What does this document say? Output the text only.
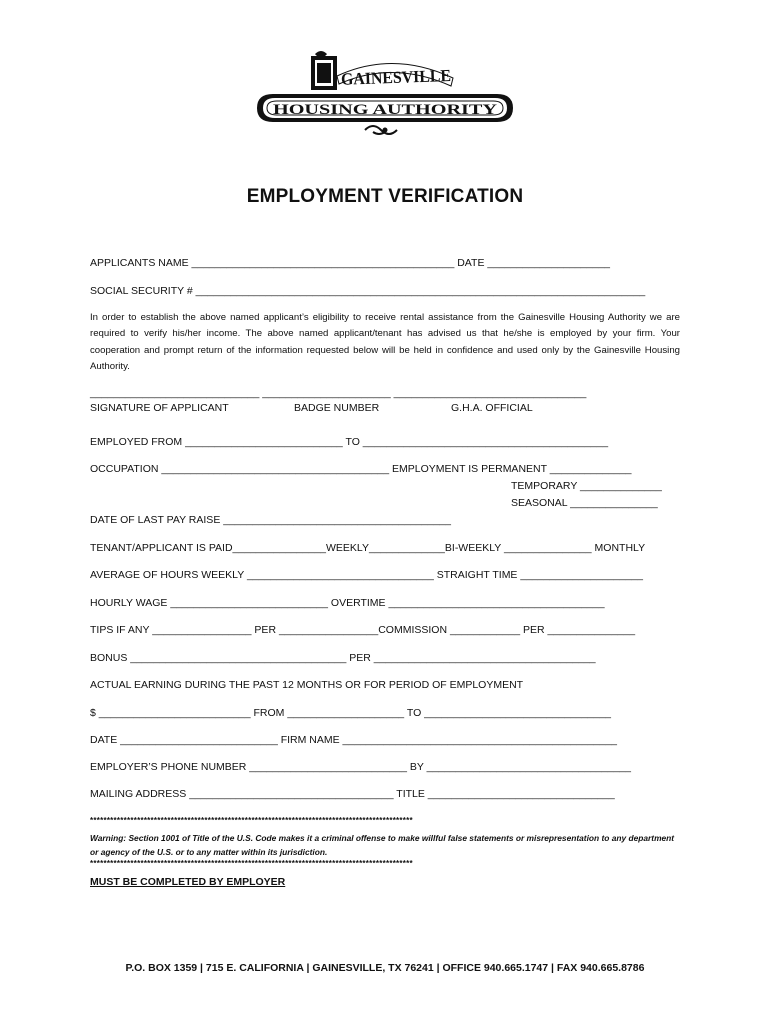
GAINESVILLE
HOUSING AUTHORITY
EMPLOYMENT VERIFICATION
APPLICANTS NAME _____________________________________________ DATE _____________________
SOCIAL SECURITY # _____________________________________________________________________________
In order to establish the above named applicant’s eligibility to receive rental assistance from the Gainesville Housing Authority we are required to verify his/her income. The above named applicant/tenant has advised us that he/she is employed by your firm. Your cooperation and prompt return of the information requested below will be held in confidence and used only by the Gainesville Housing Authority.
_____________________________ ______________________ _________________________________
SIGNATURE OF APPLICANT	BADGE NUMBER	G.H.A. OFFICIAL
EMPLOYED FROM ___________________________ TO __________________________________________
OCCUPATION _______________________________________ EMPLOYMENT IS PERMANENT ______________
TEMPORARY ______________
SEASONAL _______________
DATE OF LAST PAY RAISE _______________________________________
TENANT/APPLICANT IS PAID________________WEEKLY_____________BI-WEEKLY _______________ MONTHLY
AVERAGE OF HOURS WEEKLY ________________________________ STRAIGHT TIME _____________________
HOURLY WAGE ___________________________ OVERTIME _____________________________________
TIPS IF ANY _________________ PER _________________COMMISSION ____________ PER _______________
BONUS _____________________________________ PER ______________________________________
ACTUAL EARNING DURING THE PAST 12 MONTHS OR FOR PERIOD OF EMPLOYMENT
$ __________________________ FROM ____________________ TO ________________________________
DATE ___________________________ FIRM NAME _______________________________________________
EMPLOYER’S PHONE NUMBER ___________________________ BY ___________________________________
MAILING ADDRESS ___________________________________ TITLE ________________________________
************************************************************************************************
Warning: Section 1001 of Title of the U.S. Code makes it a criminal offense to make willful false statements or misrepresentation to any department or agency of the U.S. or to any matter within its jurisdiction.
************************************************************************************************
MUST BE COMPLETED BY EMPLOYER
P.O. BOX 1359 | 715 E. CALIFORNIA | GAINESVILLE, TX 76241 | OFFICE 940.665.1747 | FAX 940.665.8786
